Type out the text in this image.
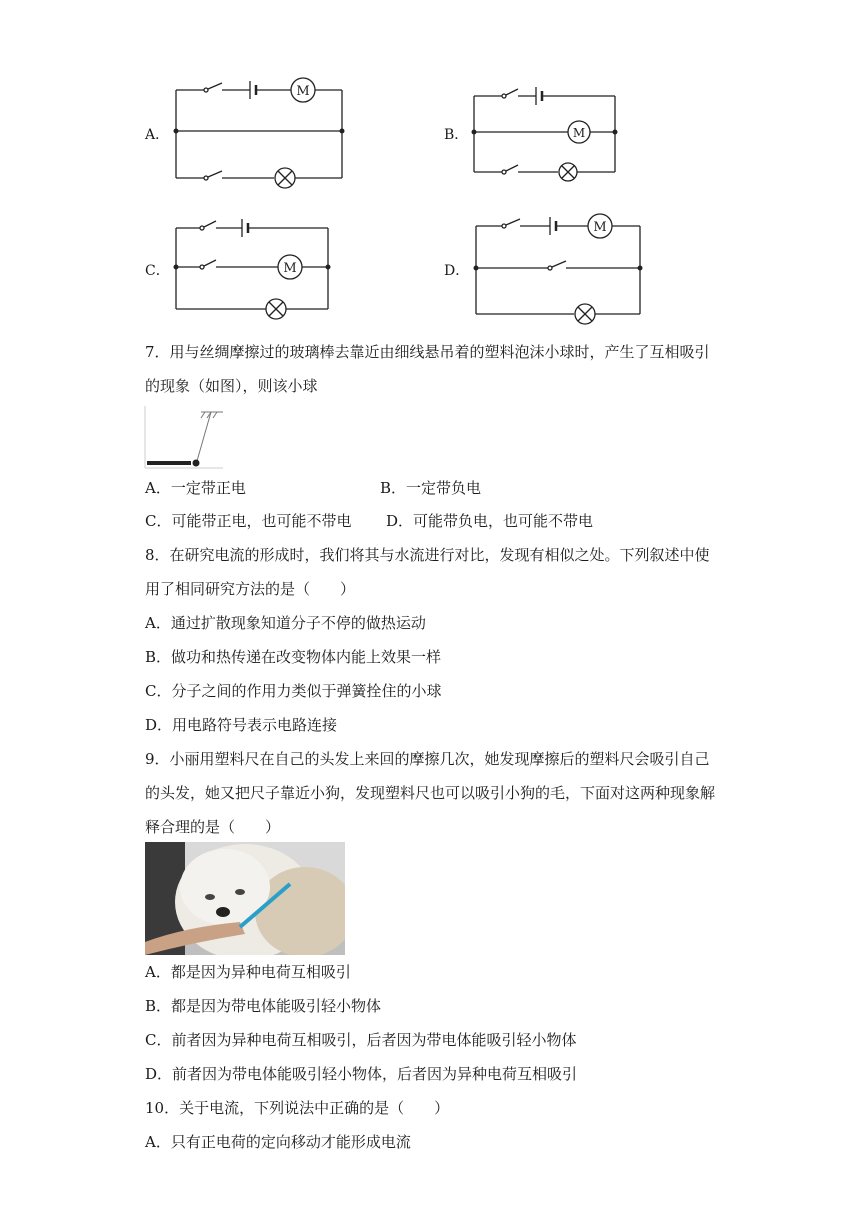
A．
M
B．	M
C．	M	D．
M
7．用与丝绸摩擦过的玻璃棒去靠近由细线悬吊着的塑料泡沫小球时，产生了互相吸引
的现象（如图），则该小球
A．一定带正电	B．一定带负电
C．可能带正电，也可能不带电 D．可能带负电，也可能不带电
8．在研究电流的形成时，我们将其与水流进行对比，发现有相似之处。下列叙述中使
用了相同研究方法的是（　　）
A．通过扩散现象知道分子不停的做热运动
B．做功和热传递在改变物体内能上效果一样
C．分子之间的作用力类似于弹簧拴住的小球
D．用电路符号表示电路连接
9．小丽用塑料尺在自己的头发上来回的摩擦几次，她发现摩擦后的塑料尺会吸引自己
的头发，她又把尺子靠近小狗，发现塑料尺也可以吸引小狗的毛，下面对这两种现象解
释合理的是（　　）
A．都是因为异种电荷互相吸引
B．都是因为带电体能吸引轻小物体
C．前者因为异种电荷互相吸引，后者因为带电体能吸引轻小物体
D．前者因为带电体能吸引轻小物体，后者因为异种电荷互相吸引
10．关于电流，下列说法中正确的是（　　）
A．只有正电荷的定向移动才能形成电流
